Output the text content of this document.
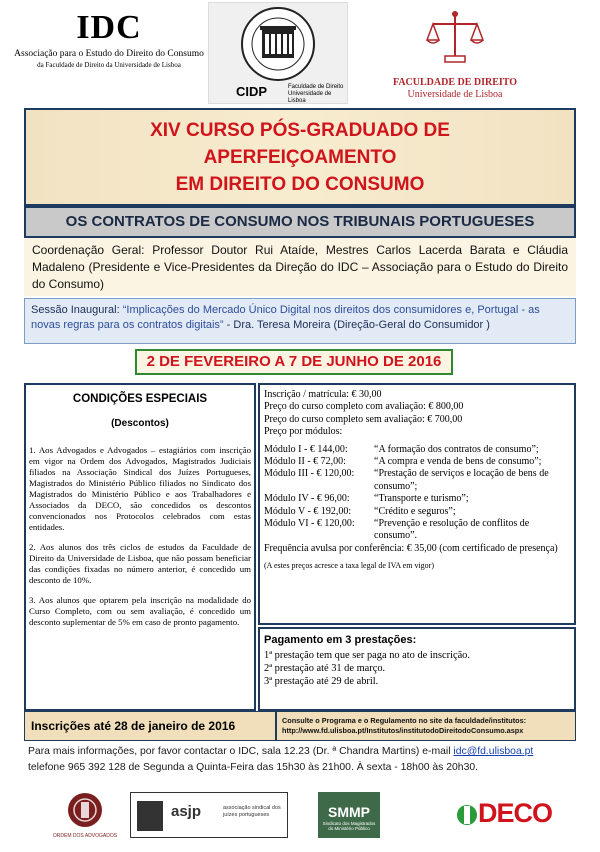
IDC
Associação para o Estudo do Direito do Consumo
da Faculdade de Direito da Universidade de Lisboa
CIDP	Faculdade de Direito Universidade de Lisboa
FACULDADE DE DIREITO
Universidade de Lisboa
XIV CURSO PÓS-GRADUADO DE
APERFEIÇOAMENTO
EM DIREITO DO CONSUMO
OS CONTRATOS DE CONSUMO NOS TRIBUNAIS PORTUGUESES
Coordenação Geral: Professor Doutor Rui Ataíde, Mestres Carlos Lacerda Barata e Cláudia Madaleno (Presidente e Vice-Presidentes da Direção do IDC – Associação para o Estudo do Direito do Consumo)
Sessão Inaugural: “Implicações do Mercado Único Digital nos direitos dos consumidores e, Portugal - as novas regras para os contratos digitais” - Dra. Teresa Moreira (Direção-Geral do Consumidor )
2 DE FEVEREIRO A 7 DE JUNHO DE 2016
CONDIÇÕES ESPECIAIS
(Descontos)

1. Aos Advogados e Advogados – estagiários com inscrição em vigor na Ordem dos Advogados, Magistrados Judiciais filiados na Associação Sindical dos Juízes Portugueses, Magistrados do Ministério Público filiados no Sindicato dos Magistrados do Ministério Público e aos Trabalhadores e Associados da DECO, são concedidos os descontos convencionados nos Protocolos celebrados com estas entidades.

2. Aos alunos dos três ciclos de estudos da Faculdade de Direito da Universidade de Lisboa, que não possam beneficiar das condições fixadas no número anterior, é concedido um desconto de 10%.

3. Aos alunos que optarem pela inscrição na modalidade do Curso Completo, com ou sem avaliação, é concedido um desconto suplementar de 5% em caso de pronto pagamento.

Inscrição / matrícula: € 30,00
Preço do curso completo com avaliação: € 800,00
Preço do curso completo sem avaliação: € 700,00
Preço por módulos:
Módulo I - € 144,00:	“A formação dos contratos de consumo”;
Módulo II - € 72,00:	“A compra e venda de bens de consumo”;
Módulo III - € 120,00:	“Prestação de serviços e locação de bens de consumo”;
Módulo IV - € 96,00:	“Transporte e turismo”;
Módulo V - € 192,00:	“Crédito e seguros”;
Módulo VI - € 120,00:	“Prevenção e resolução de conflitos de consumo”.
Frequência avulsa por conferência: € 35,00 (com certificado de presença)
(A estes preços acresce a taxa legal de IVA em vigor)
Pagamento em 3 prestações:
1ª prestação tem que ser paga no ato de inscrição.
2ª prestação até 31 de março.
3ª prestação até 29 de abril.
Inscrições até 28 de janeiro de 2016	Consulte o Programa e o Regulamento no site da faculdade/institutos:
http://www.fd.ulisboa.pt/Institutos/institutodoDireitodoConsumo.aspx
Para mais informações, por favor contactar o IDC, sala 12.23 (Dr. ª Chandra Martins) e-mail idc@fd.ulisboa.pt
telefone 965 392 128 de Segunda a Quinta-Feira das 15h30 às 21h00. À sexta - 18h00 às 20h30.
ORDEM DOS ADVOGADOS
asjp	associação sindical dos juízes portugueses	SMMP
Sindicato dos Magistrados do Ministério Público
DECO
